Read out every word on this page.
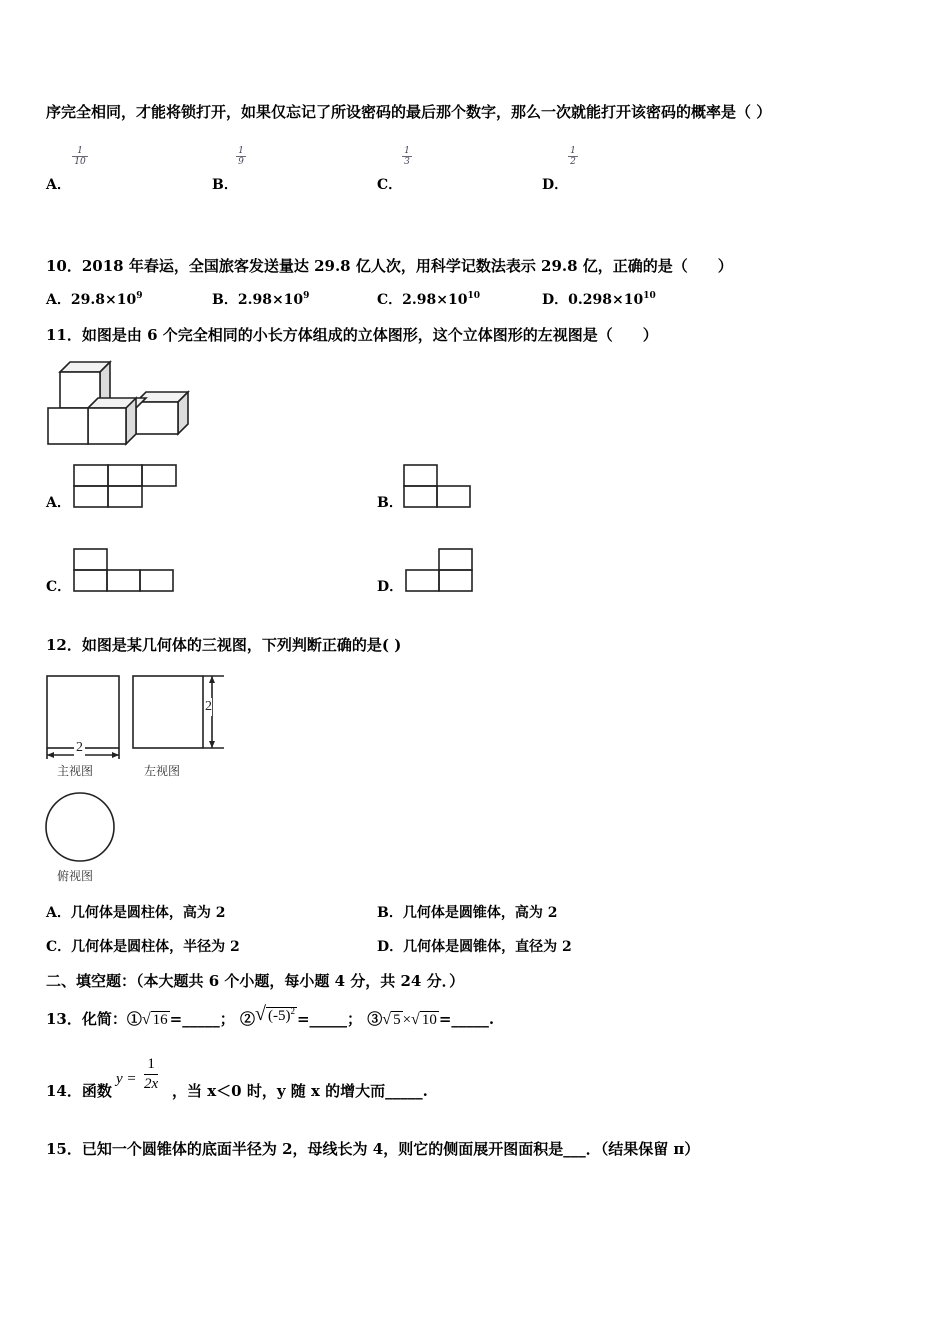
序完全相同，才能将锁打开，如果仅忘记了所设密码的最后那个数字，那么一次就能打开该密码的概率是（ ）
A．
$\frac{1}{10}$
B．
$\frac{1}{9}$
C．
$\frac{1}{3}$
D．
$\frac{1}{2}$
10．2018 年春运，全国旅客发送量达 29.8 亿人次，用科学记数法表示 29.8 亿，正确的是（　　）
A．$29.8\times 10^9$	B．$2.98\times 10^9$	C．$2.98\times 10^{10}$	D．$0.298\times 10^{10}$
11．如图是由 6 个完全相同的小长方体组成的立体图形，这个立体图形的左视图是（　　）
A．	B．
C．	D．
12．如图是某几何体的三视图，下列判断正确的是( )
2
主视图
2
左视图
俯视图
A．几何体是圆柱体，高为 2	B．几何体是圆锥体，高为 2
C．几何体是圆柱体，半径为 2	D．几何体是圆锥体，直径为 2
二、填空题：（本大题共 6 个小题，每小题 4 分，共 24 分．）
13．化简：①√ 16 =_____； ②√ $(-5)^2$ =_____； ③√ 5 ×√ 10 =_____.
14．函数
$y = \frac{1}{2x}$ ，当 x＜0 时，y 随 x 的增大而_____.
15．已知一个圆锥体的底面半径为 2，母线长为 4，则它的侧面展开图面积是___．（结果保留 π）
